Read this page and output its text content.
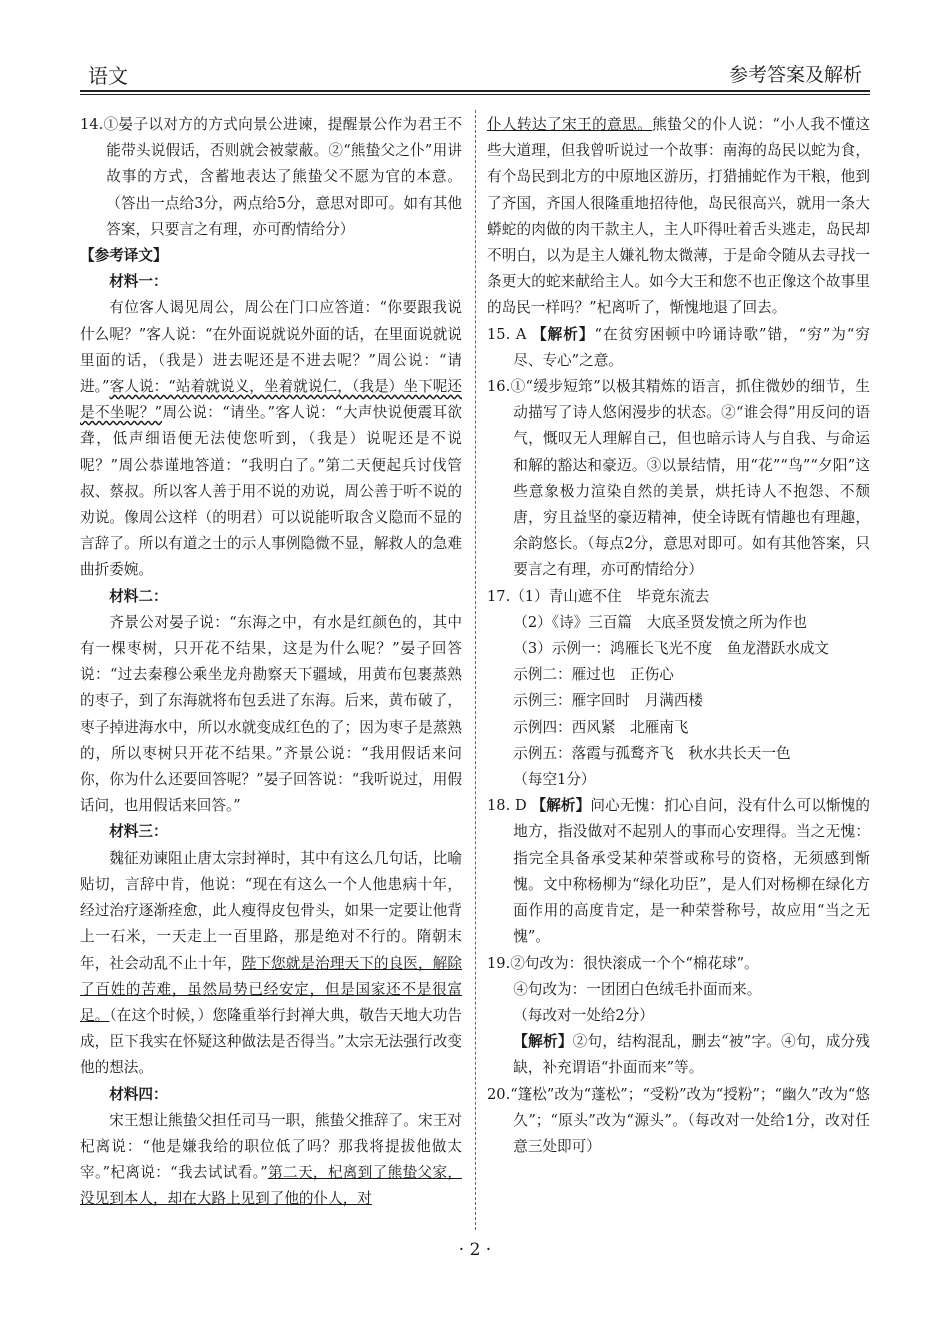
语文	参考答案及解析

14.①晏子以对方的方式向景公进谏，提醒景公作为君王不能带头说假话，否则就会被蒙蔽。②“熊蛰父之仆”用讲故事的方式，含蓄地表达了熊蛰父不愿为官的本意。（答出一点给3分，两点给5分，意思对即可。如有其他答案，只要言之有理，亦可酌情给分）

【参考译文】

材料一：

有位客人谒见周公，周公在门口应答道：“你要跟我说什么呢？”客人说：“在外面说就说外面的话，在里面说就说里面的话，（我是）进去呢还是不进去呢？”周公说：“请进。”客人说：“站着就说义，坐着就说仁，（我是）坐下呢还是不坐呢？”周公说：“请坐。”客人说：“大声快说便震耳欲聋，低声细语便无法使您听到，（我是）说呢还是不说呢？”周公恭谨地答道：“我明白了。”第二天便起兵讨伐管叔、蔡叔。所以客人善于用不说的劝说，周公善于听不说的劝说。像周公这样（的明君）可以说能听取含义隐而不显的言辞了。所以有道之士的示人事例隐微不显，解救人的急难曲折委婉。

材料二：

齐景公对晏子说：“东海之中，有水是红颜色的，其中有一棵枣树，只开花不结果，这是为什么呢？”晏子回答说：“过去秦穆公乘坐龙舟勘察天下疆域，用黄布包裹蒸熟的枣子，到了东海就将布包丢进了东海。后来，黄布破了，枣子掉进海水中，所以水就变成红色的了；因为枣子是蒸熟的，所以枣树只开花不结果。”齐景公说：“我用假话来问你，你为什么还要回答呢？”晏子回答说：“我听说过，用假话问，也用假话来回答。”

材料三：

魏征劝谏阻止唐太宗封禅时，其中有这么几句话，比喻贴切，言辞中肯，他说：“现在有这么一个人他患病十年，经过治疗逐渐痊愈，此人瘦得皮包骨头，如果一定要让他背上一石米，一天走上一百里路，那是绝对不行的。隋朝末年，社会动乱不止十年，陛下您就是治理天下的良医，解除了百姓的苦难，虽然局势已经安定，但是国家还不是很富足。（在这个时候，）您隆重举行封禅大典，敬告天地大功告成，臣下我实在怀疑这种做法是否得当。”太宗无法强行改变他的想法。

材料四：

宋王想让熊蛰父担任司马一职，熊蛰父推辞了。宋王对杞离说：“他是嫌我给的职位低了吗？那我将提拔他做太宰。”杞离说：“我去试试看。”第二天，杞离到了熊蛰父家，没见到本人，却在大路上见到了他的仆人，对

仆人转达了宋王的意思。熊蛰父的仆人说：“小人我不懂这些大道理，但我曾听说过一个故事：南海的岛民以蛇为食，有个岛民到北方的中原地区游历，打猎捕蛇作为干粮，他到了齐国，齐国人很隆重地招待他，岛民很高兴，就用一条大蟒蛇的肉做的肉干款主人，主人吓得吐着舌头逃走，岛民却不明白，以为是主人嫌礼物太微薄，于是命令随从去寻找一条更大的蛇来献给主人。如今大王和您不也正像这个故事里的岛民一样吗？”杞离听了，惭愧地退了回去。

15. A 【解析】“在贫穷困顿中吟诵诗歌”错，“穷”为“穷尽、专心”之意。

16.①“缓步短筇”以极其精炼的语言，抓住微妙的细节，生动描写了诗人悠闲漫步的状态。②“谁会得”用反问的语气，慨叹无人理解自己，但也暗示诗人与自我、与命运和解的豁达和豪迈。③以景结情，用“花”“鸟”“夕阳”这些意象极力渲染自然的美景，烘托诗人不抱怨、不颓唐，穷且益坚的豪迈精神，使全诗既有情趣也有理趣，余韵悠长。（每点2分，意思对即可。如有其他答案，只要言之有理，亦可酌情给分）

17.（1）青山遮不住　毕竟东流去

（2）《诗》三百篇　大底圣贤发愤之所为作也

（3）示例一：鸿雁长飞光不度　鱼龙潜跃水成文

示例二：雁过也　正伤心

示例三：雁字回时　月满西楼

示例四：西风紧　北雁南飞

示例五：落霞与孤鹜齐飞　秋水共长天一色

（每空1分）

18. D 【解析】问心无愧：扪心自问，没有什么可以惭愧的地方，指没做对不起别人的事而心安理得。当之无愧：指完全具备承受某种荣誉或称号的资格，无须感到惭愧。文中称杨柳为“绿化功臣”，是人们对杨柳在绿化方面作用的高度肯定，是一种荣誉称号，故应用“当之无愧”。

19.②句改为：很快滚成一个个“棉花球”。

④句改为：一团团白色绒毛扑面而来。

（每改对一处给2分）

【解析】②句，结构混乱，删去“被”字。④句，成分残缺，补充谓语“扑面而来”等。

20.“篷松”改为“蓬松”；“受粉”改为“授粉”；“幽久”改为“悠久”；“原头”改为“源头”。（每改对一处给1分，改对任意三处即可）

· 2 ·
